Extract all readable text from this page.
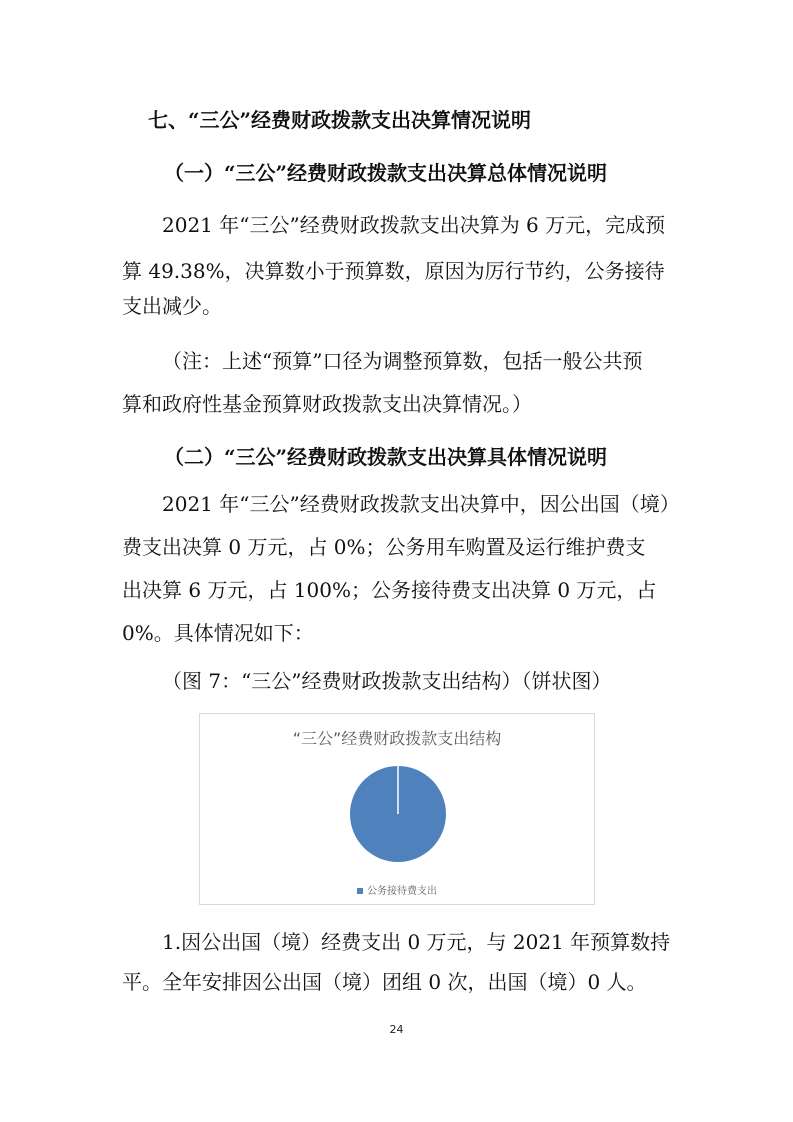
七、“三公”经费财政拨款支出决算情况说明
（一）“三公”经费财政拨款支出决算总体情况说明
2021 年“三公”经费财政拨款支出决算为 6 万元，完成预
算 49.38%，决算数小于预算数，原因为厉行节约，公务接待
支出减少。
（注：上述“预算”口径为调整预算数，包括一般公共预
算和政府性基金预算财政拨款支出决算情况。）
（二）“三公”经费财政拨款支出决算具体情况说明
2021 年“三公”经费财政拨款支出决算中，因公出国（境）
费支出决算 0 万元，占 0%；公务用车购置及运行维护费支
出决算 6 万元，占 100%；公务接待费支出决算 0 万元，占
0%。具体情况如下：
（图 7：“三公”经费财政拨款支出结构）（饼状图）
“三公”经费财政拨款支出结构
公务接待费支出
1.因公出国（境）经费支出 0 万元，与 2021 年预算数持
平。全年安排因公出国（境）团组 0 次，出国（境）0 人。
24
